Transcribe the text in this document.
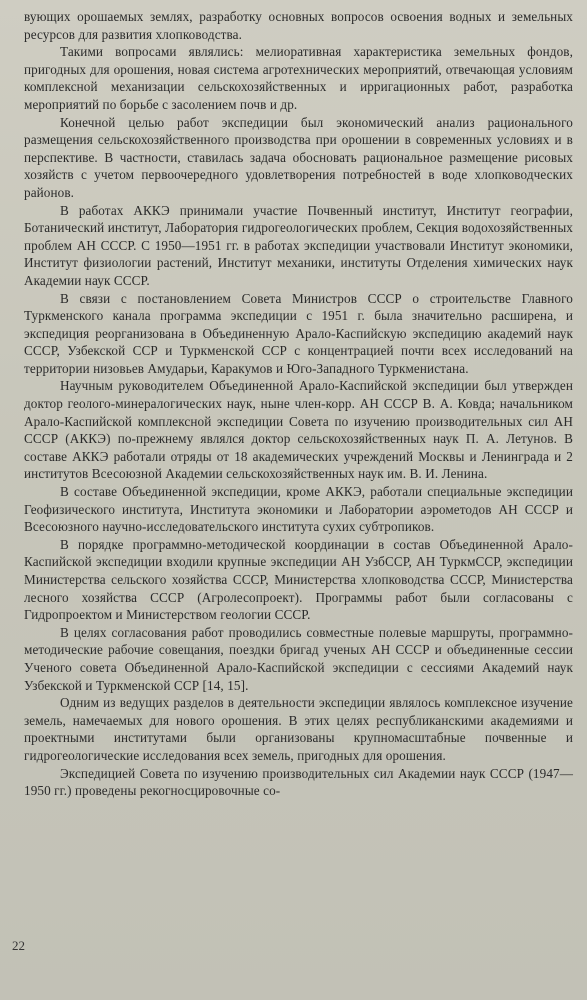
вующих орошаемых землях, разработку основных вопросов освоения водных и земельных ресурсов для развития хлопководства.

Такими вопросами являлись: мелиоративная характеристика земельных фондов, пригодных для орошения, новая система агротехнических мероприятий, отвечающая условиям комплексной механизации сельскохозяйственных и ирригационных работ, разработка мероприятий по борьбе с засолением почв и др.

Конечной целью работ экспедиции был экономический анализ рационального размещения сельскохозяйственного производства при орошении в современных условиях и в перспективе. В частности, ставилась задача обосновать рациональное размещение рисовых хозяйств с учетом первоочередного удовлетворения потребностей в воде хлопководческих районов.

В работах АККЭ принимали участие Почвенный институт, Институт географии, Ботанический институт, Лаборатория гидрогеологических проблем, Секция водохозяйственных проблем АН СССР. С 1950—1951 гг. в работах экспедиции участвовали Институт экономики, Институт физиологии растений, Институт механики, институты Отделения химических наук Академии наук СССР.

В связи с постановлением Совета Министров СССР о строительстве Главного Туркменского канала программа экспедиции с 1951 г. была значительно расширена, и экспедиция реорганизована в Объединенную Арало-Каспийскую экспедицию академий наук СССР, Узбекской ССР и Туркменской ССР с концентрацией почти всех исследований на территории низовьев Амударьи, Каракумов и Юго-Западного Туркменистана.

Научным руководителем Объединенной Арало-Каспийской экспедиции был утвержден доктор геолого-минералогических наук, ныне член-корр. АН СССР В. А. Ковда; начальником Арало-Каспийской комплексной экспедиции Совета по изучению производительных сил АН СССР (АККЭ) по-прежнему являлся доктор сельскохозяйственных наук П. А. Летунов. В составе АККЭ работали отряды от 18 академических учреждений Москвы и Ленинграда и 2 институтов Всесоюзной Академии сельскохозяйственных наук им. В. И. Ленина.

В составе Объединенной экспедиции, кроме АККЭ, работали специальные экспедиции Геофизического института, Института экономики и Лаборатории аэрометодов АН СССР и Всесоюзного научно-исследовательского института сухих субтропиков.

В порядке программно-методической координации в состав Объединенной Арало-Каспийской экспедиции входили крупные экспедиции АН УзбССР, АН ТуркмССР, экспедиции Министерства сельского хозяйства СССР, Министерства хлопководства СССР, Министерства лесного хозяйства СССР (Агролесопроект). Программы работ были согласованы с Гидропроектом и Министерством геологии СССР.

В целях согласования работ проводились совместные полевые маршруты, программно-методические рабочие совещания, поездки бригад ученых АН СССР и объединенные сессии Ученого совета Объединенной Арало-Каспийской экспедиции с сессиями Академий наук Узбекской и Туркменской ССР [14, 15].

Одним из ведущих разделов в деятельности экспедиции являлось комплексное изучение земель, намечаемых для нового орошения. В этих целях республиканскими академиями и проектными институтами были организованы крупномасштабные почвенные и гидрогеологические исследования всех земель, пригодных для орошения.

Экспедицией Совета по изучению производительных сил Академии наук СССР (1947—1950 гг.) проведены рекогносцировочные со-

22
